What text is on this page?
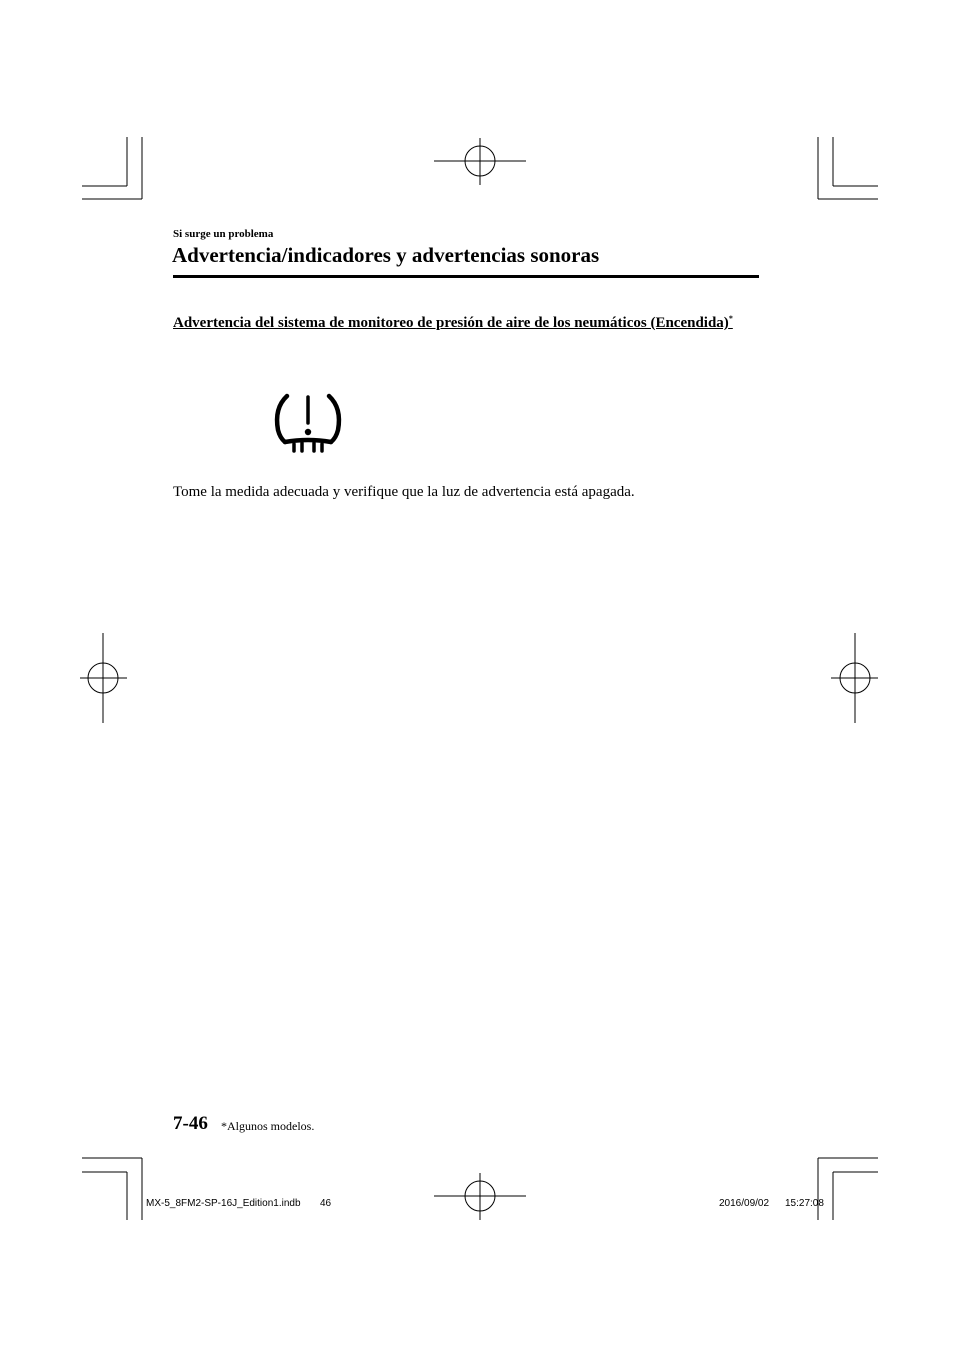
Si surge un problema
Advertencia/indicadores y advertencias sonoras
Advertencia del sistema de monitoreo de presión de aire de los neumáticos (Encendida)*
Tome la medida adecuada y verifique que la luz de advertencia está apagada.
7-46 *Algunos modelos.
MX-5_8FM2-SP-16J_Edition1.indb 46	2016/09/02 15:27:08
